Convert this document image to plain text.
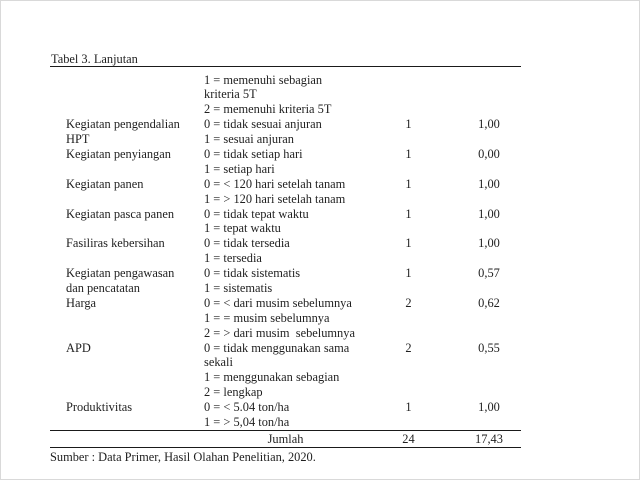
Tabel 3. Lanjutan
1 = memenuhi sebagian
kriteria 5T
2 = memenuhi kriteria 5T
Kegiatan pengendalian	0 = tidak sesuai anjuran	1	1,00
HPT	1 = sesuai anjuran
Kegiatan penyiangan	0 = tidak setiap hari	1	0,00
1 = setiap hari
Kegiatan panen	0 = < 120 hari setelah tanam	1	1,00
1 = > 120 hari setelah tanam
Kegiatan pasca panen	0 = tidak tepat waktu	1	1,00
1 = tepat waktu
Fasiliras kebersihan	0 = tidak tersedia	1	1,00
1 = tersedia
Kegiatan pengawasan	0 = tidak sistematis	1	0,57
dan pencatatan	1 = sistematis
Harga	0 = < dari musim sebelumnya	2	0,62
1 = = musim sebelumnya
2 = > dari musim  sebelumnya
APD	0 = tidak menggunakan sama	2	0,55
sekali
1 = menggunakan sebagian
2 = lengkap
Produktivitas	0 = < 5.04 ton/ha	1	1,00
1 = > 5,04 ton/ha
Jumlah	24	17,43
Sumber : Data Primer, Hasil Olahan Penelitian, 2020.
